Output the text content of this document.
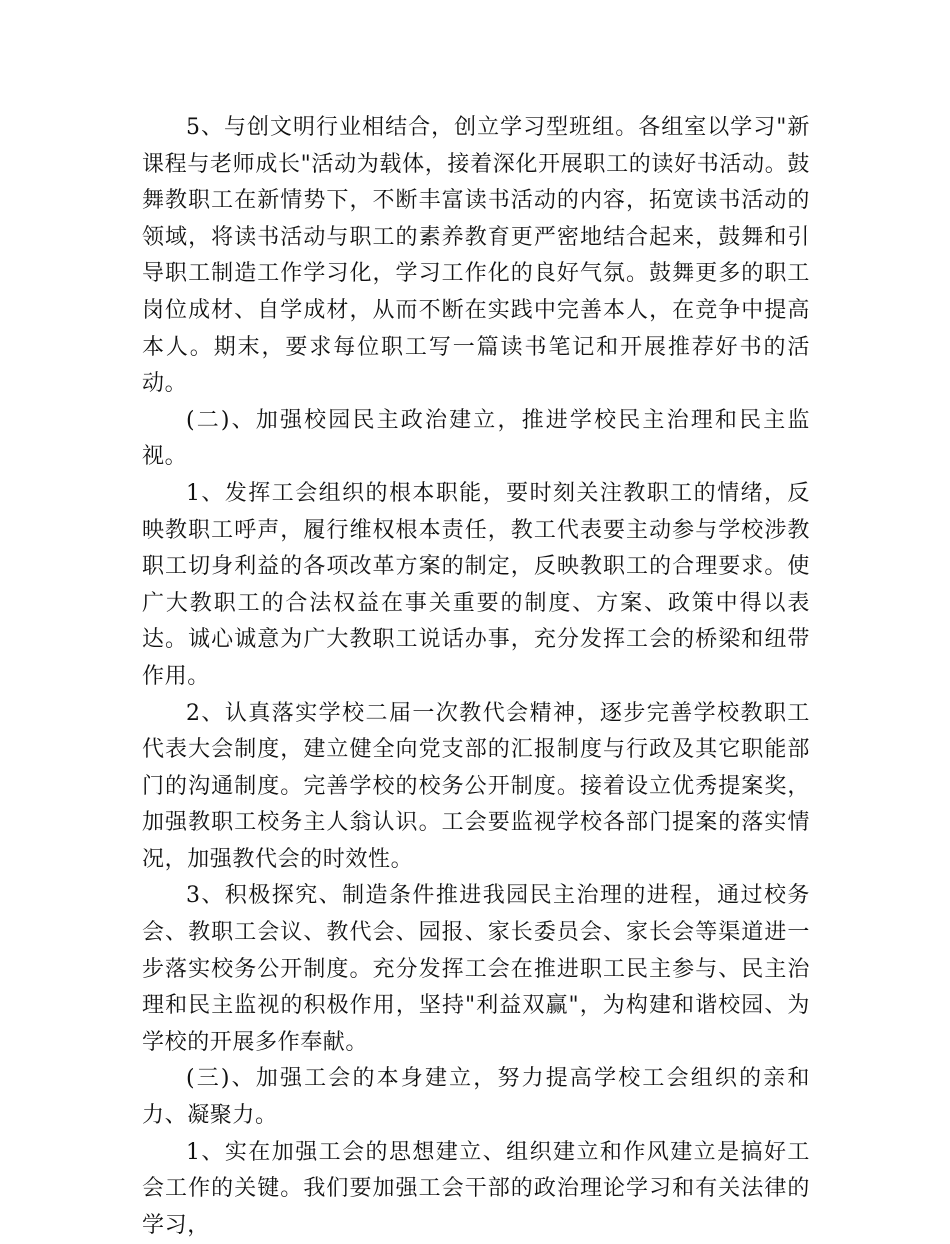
5、与创文明行业相结合，创立学习型班组。各组室以学习"新课程与老师成长"活动为载体，接着深化开展职工的读好书活动。鼓舞教职工在新情势下，不断丰富读书活动的内容，拓宽读书活动的领域，将读书活动与职工的素养教育更严密地结合起来，鼓舞和引导职工制造工作学习化，学习工作化的良好气氛。鼓舞更多的职工岗位成材、自学成材，从而不断在实践中完善本人，在竞争中提高本人。期末，要求每位职工写一篇读书笔记和开展推荐好书的活动。

(二)、加强校园民主政治建立，推进学校民主治理和民主监视。

1、发挥工会组织的根本职能，要时刻关注教职工的情绪，反映教职工呼声，履行维权根本责任，教工代表要主动参与学校涉教职工切身利益的各项改革方案的制定，反映教职工的合理要求。使广大教职工的合法权益在事关重要的制度、方案、政策中得以表达。诚心诚意为广大教职工说话办事，充分发挥工会的桥梁和纽带作用。

2、认真落实学校二届一次教代会精神，逐步完善学校教职工代表大会制度，建立健全向党支部的汇报制度与行政及其它职能部门的沟通制度。完善学校的校务公开制度。接着设立优秀提案奖，加强教职工校务主人翁认识。工会要监视学校各部门提案的落实情况，加强教代会的时效性。

3、积极探究、制造条件推进我园民主治理的进程，通过校务会、教职工会议、教代会、园报、家长委员会、家长会等渠道进一步落实校务公开制度。充分发挥工会在推进职工民主参与、民主治理和民主监视的积极作用，坚持"利益双赢"，为构建和谐校园、为学校的开展多作奉献。

(三)、加强工会的本身建立，努力提高学校工会组织的亲和力、凝聚力。

1、实在加强工会的思想建立、组织建立和作风建立是搞好工会工作的关键。我们要加强工会干部的政治理论学习和有关法律的学习，
